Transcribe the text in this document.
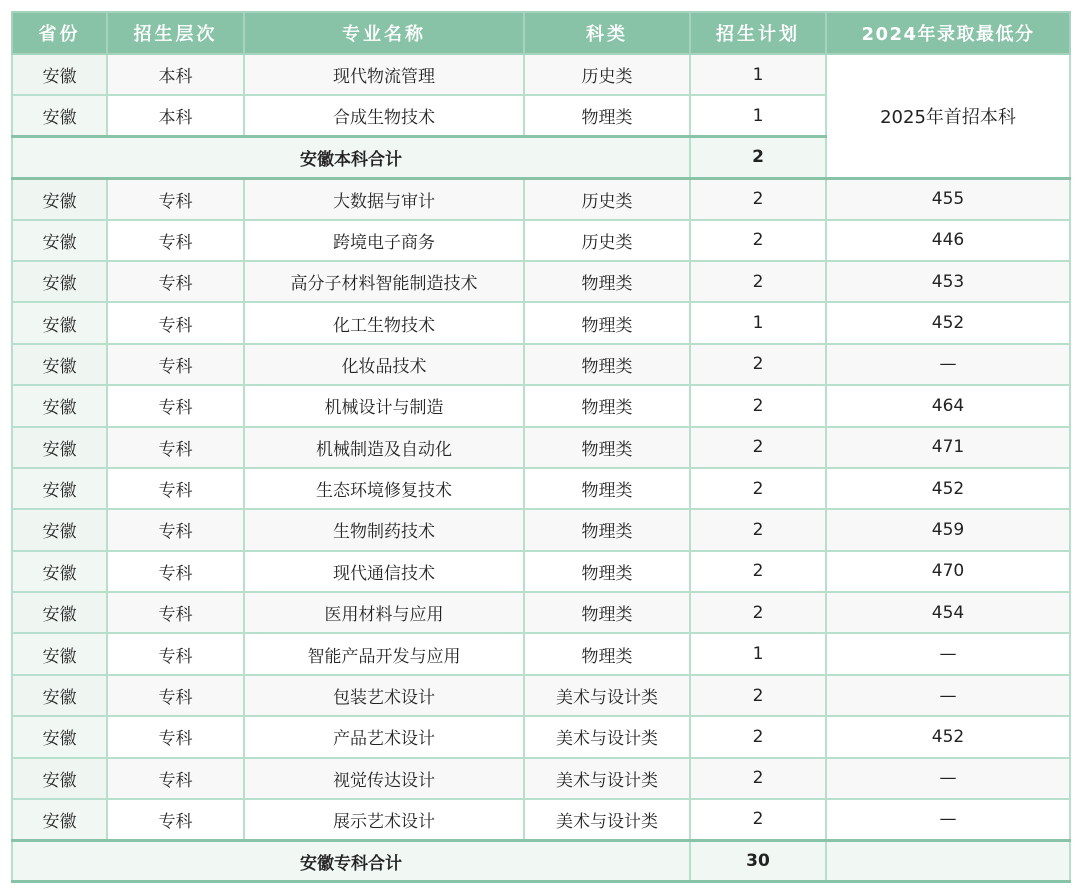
省份	招生层次	专业名称	科类	招生计划	2024年录取最低分
安徽	本科	现代物流管理	历史类	1	2025年首招本科
安徽	本科	合成生物技术	物理类	1	
安徽本科合计				2	
安徽	专科	大数据与审计	历史类	2	455
安徽	专科	跨境电子商务	历史类	2	446
安徽	专科	高分子材料智能制造技术	物理类	2	453
安徽	专科	化工生物技术	物理类	1	452
安徽	专科	化妆品技术	物理类	2	—
安徽	专科	机械设计与制造	物理类	2	464
安徽	专科	机械制造及自动化	物理类	2	471
安徽	专科	生态环境修复技术	物理类	2	452
安徽	专科	生物制药技术	物理类	2	459
安徽	专科	现代通信技术	物理类	2	470
安徽	专科	医用材料与应用	物理类	2	454
安徽	专科	智能产品开发与应用	物理类	1	—
安徽	专科	包装艺术设计	美术与设计类	2	—
安徽	专科	产品艺术设计	美术与设计类	2	452
安徽	专科	视觉传达设计	美术与设计类	2	—
安徽	专科	展示艺术设计	美术与设计类	2	—
安徽专科合计				30	
